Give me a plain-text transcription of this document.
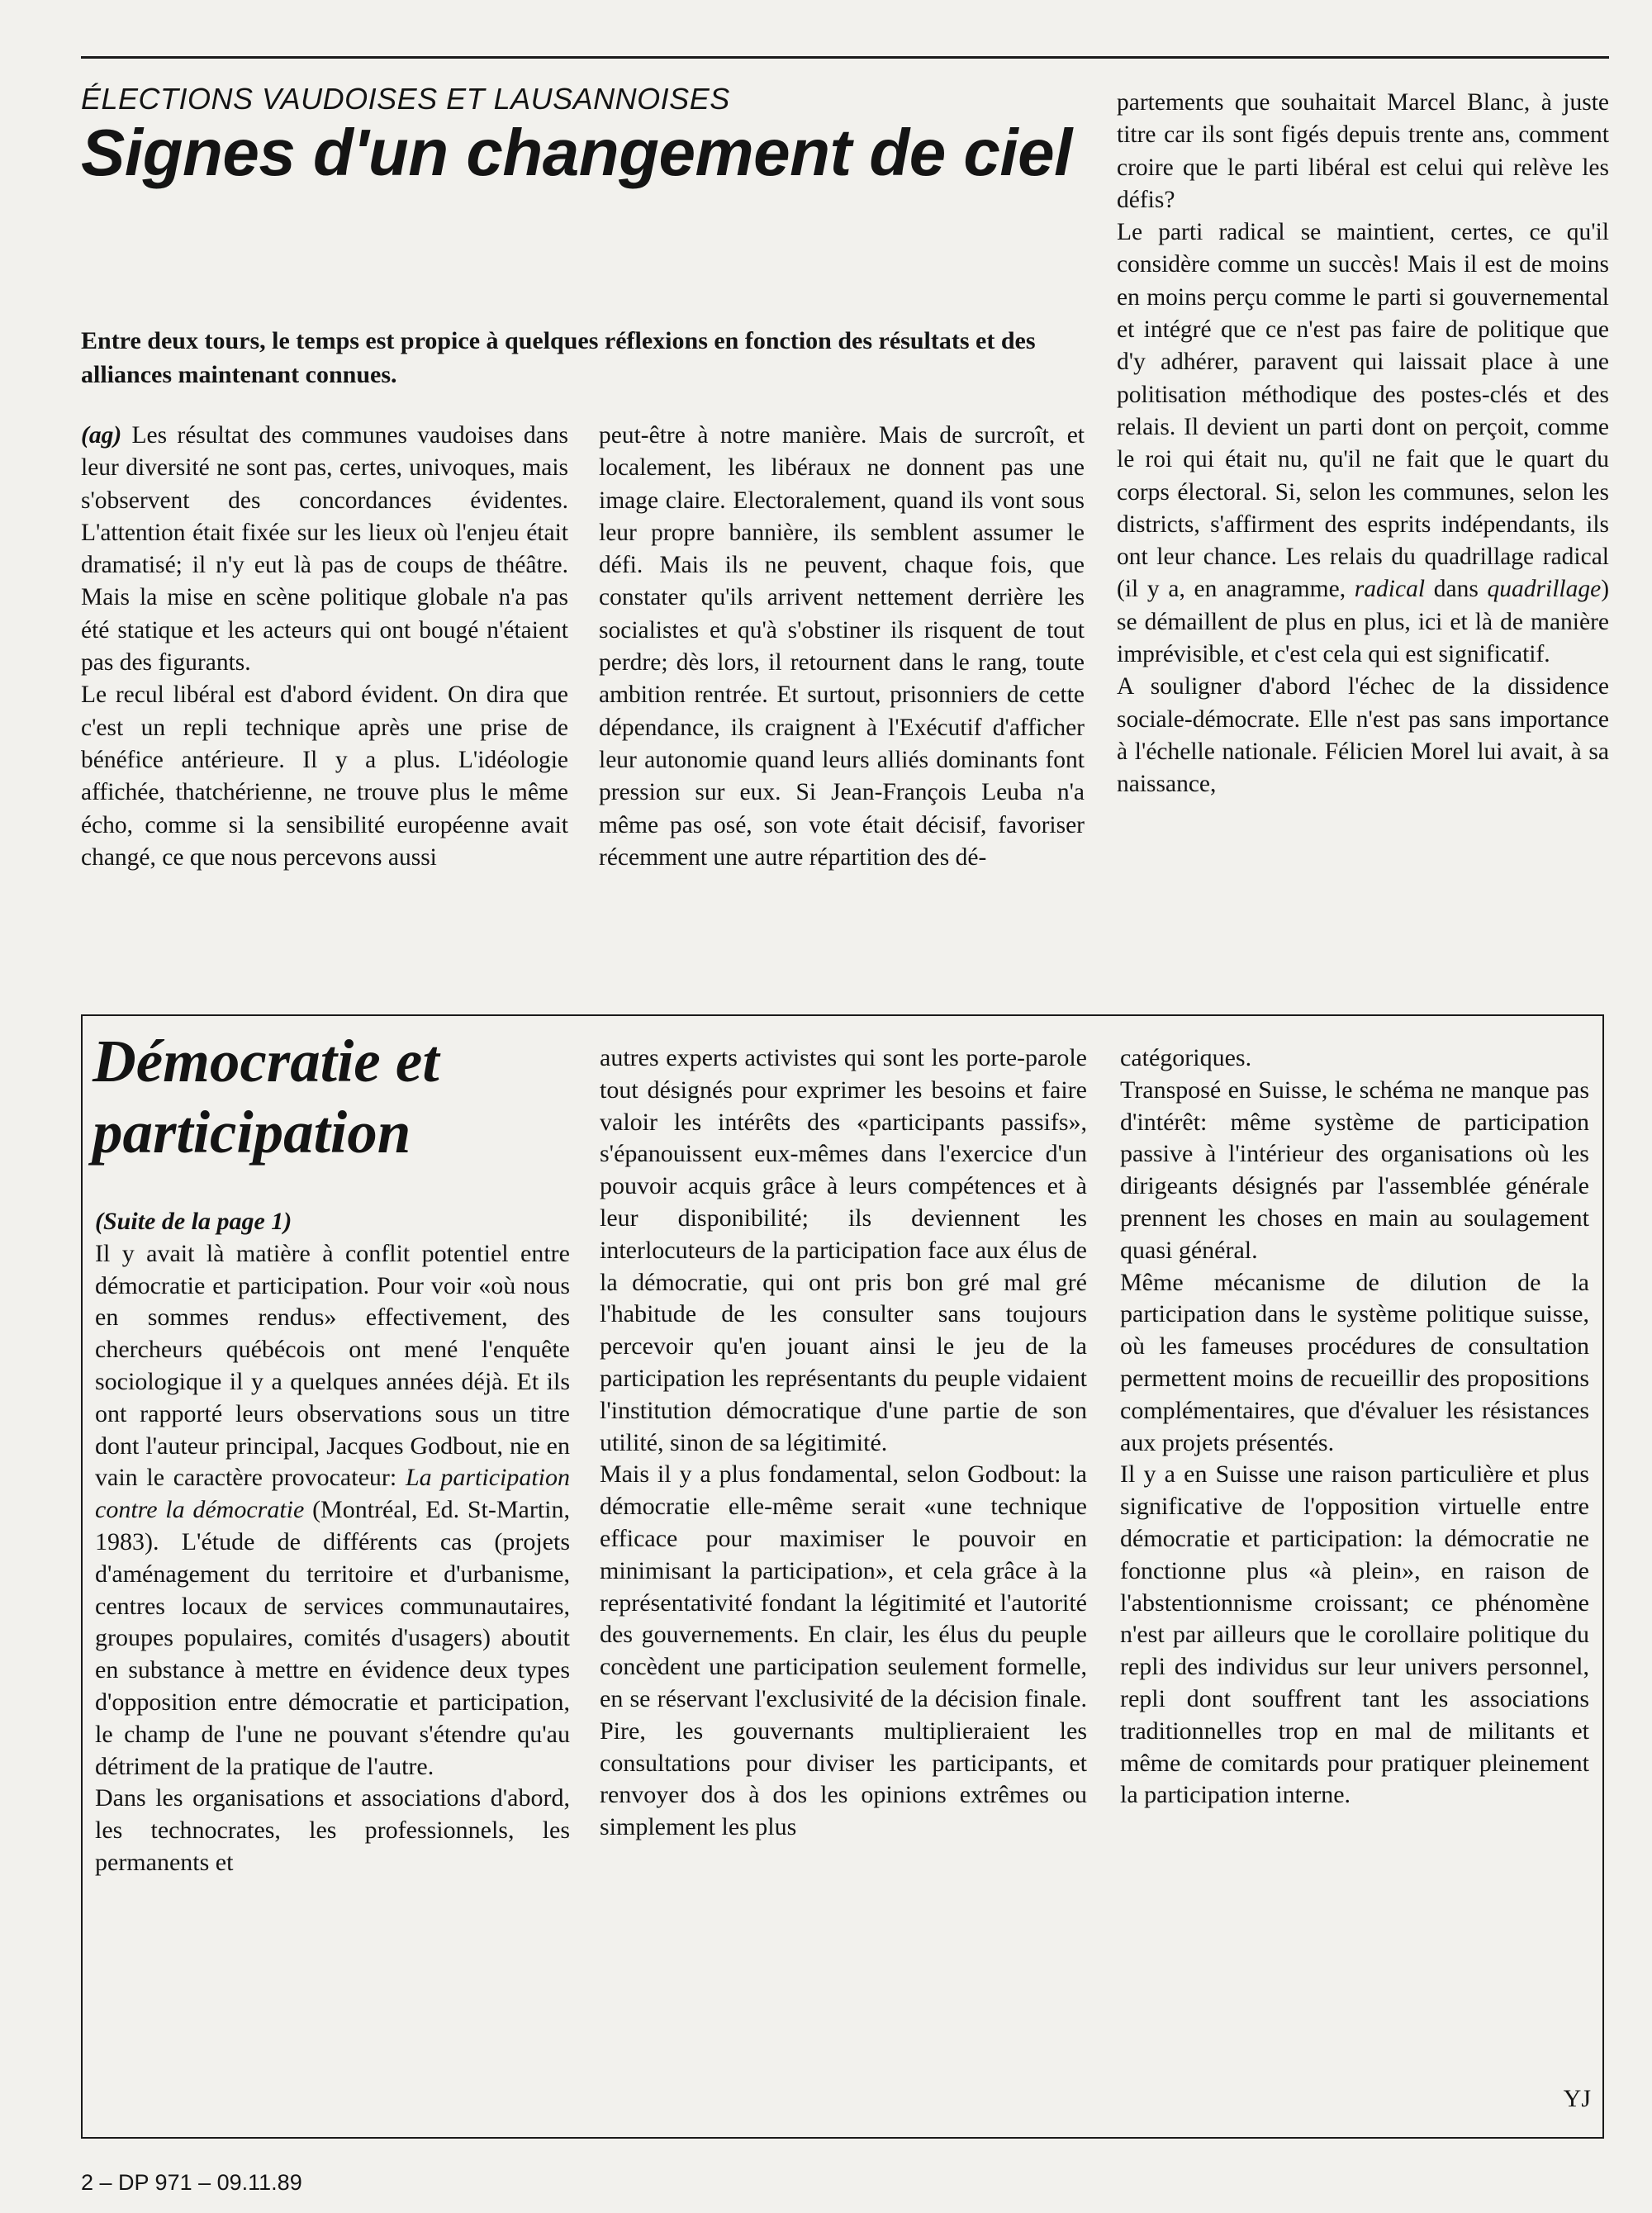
ÉLECTIONS VAUDOISES ET LAUSANNOISES
Signes d'un changement de ciel

Entre deux tours, le temps est propice à quelques réflexions en fonction des résultats et des alliances maintenant connues.

(ag) Les résultat des communes vaudoises dans leur diversité ne sont pas, certes, univoques, mais s'observent des concordances évidentes. L'attention était fixée sur les lieux où l'enjeu était dramatisé; il n'y eut là pas de coups de théâtre. Mais la mise en scène politique globale n'a pas été statique et les acteurs qui ont bougé n'étaient pas des figurants.

Le recul libéral est d'abord évident. On dira que c'est un repli technique après une prise de bénéfice antérieure. Il y a plus. L'idéologie affichée, thatchérienne, ne trouve plus le même écho, comme si la sensibilité européenne avait changé, ce que nous percevons aussi

peut-être à notre manière. Mais de surcroît, et localement, les libéraux ne donnent pas une image claire. Electoralement, quand ils vont sous leur propre bannière, ils semblent assumer le défi. Mais ils ne peuvent, chaque fois, que constater qu'ils arrivent nettement derrière les socialistes et qu'à s'obstiner ils risquent de tout perdre; dès lors, il retournent dans le rang, toute ambition rentrée. Et surtout, prisonniers de cette dépendance, ils craignent à l'Exécutif d'afficher leur autonomie quand leurs alliés dominants font pression sur eux. Si Jean-François Leuba n'a même pas osé, son vote était décisif, favoriser récemment une autre répartition des dé-

partements que souhaitait Marcel Blanc, à juste titre car ils sont figés depuis trente ans, comment croire que le parti libéral est celui qui relève les défis?

Le parti radical se maintient, certes, ce qu'il considère comme un succès! Mais il est de moins en moins perçu comme le parti si gouvernemental et intégré que ce n'est pas faire de politique que d'y adhérer, paravent qui laissait place à une politisation méthodique des postes-clés et des relais. Il devient un parti dont on perçoit, comme le roi qui était nu, qu'il ne fait que le quart du corps électoral. Si, selon les communes, selon les districts, s'affirment des esprits indépendants, ils ont leur chance. Les relais du quadrillage radical (il y a, en anagramme, radical dans quadrillage) se démaillent de plus en plus, ici et là de manière imprévisible, et c'est cela qui est significatif.

A souligner d'abord l'échec de la dissidence sociale-démocrate. Elle n'est pas sans importance à l'échelle nationale. Félicien Morel lui avait, à sa naissance,

Démocratie et participation

(Suite de la page 1)

Il y avait là matière à conflit potentiel entre démocratie et participation. Pour voir «où nous en sommes rendus» effectivement, des chercheurs québécois ont mené l'enquête sociologique il y a quelques années déjà. Et ils ont rapporté leurs observations sous un titre dont l'auteur principal, Jacques Godbout, nie en vain le caractère provocateur: La participation contre la démocratie (Montréal, Ed. St-Martin, 1983). L'étude de différents cas (projets d'aménagement du territoire et d'urbanisme, centres locaux de services communautaires, groupes populaires, comités d'usagers) aboutit en substance à mettre en évidence deux types d'opposition entre démocratie et participation, le champ de l'une ne pouvant s'étendre qu'au détriment de la pratique de l'autre.

Dans les organisations et associations d'abord, les technocrates, les professionnels, les permanents et

autres experts activistes qui sont les porte-parole tout désignés pour exprimer les besoins et faire valoir les intérêts des «participants passifs», s'épanouissent eux-mêmes dans l'exercice d'un pouvoir acquis grâce à leurs compétences et à leur disponibilité; ils deviennent les interlocuteurs de la participation face aux élus de la démocratie, qui ont pris bon gré mal gré l'habitude de les consulter sans toujours percevoir qu'en jouant ainsi le jeu de la participation les représentants du peuple vidaient l'institution démocratique d'une partie de son utilité, sinon de sa légitimité.

Mais il y a plus fondamental, selon Godbout: la démocratie elle-même serait «une technique efficace pour maximiser le pouvoir en minimisant la participation», et cela grâce à la représentativité fondant la légitimité et l'autorité des gouvernements. En clair, les élus du peuple concèdent une participation seulement formelle, en se réservant l'exclusivité de la décision finale. Pire, les gouvernants multiplieraient les consultations pour diviser les participants, et renvoyer dos à dos les opinions extrêmes ou simplement les plus

catégoriques.

Transposé en Suisse, le schéma ne manque pas d'intérêt: même système de participation passive à l'intérieur des organisations où les dirigeants désignés par l'assemblée générale prennent les choses en main au soulagement quasi général.

Même mécanisme de dilution de la participation dans le système politique suisse, où les fameuses procédures de consultation permettent moins de recueillir des propositions complémentaires, que d'évaluer les résistances aux projets présentés.

Il y a en Suisse une raison particulière et plus significative de l'opposition virtuelle entre démocratie et participation: la démocratie ne fonctionne plus «à plein», en raison de l'abstentionnisme croissant; ce phénomène n'est par ailleurs que le corollaire politique du repli des individus sur leur univers personnel, repli dont souffrent tant les associations traditionnelles trop en mal de militants et même de comitards pour pratiquer pleinement la participation interne.

YJ

2 – DP 971 – 09.11.89
